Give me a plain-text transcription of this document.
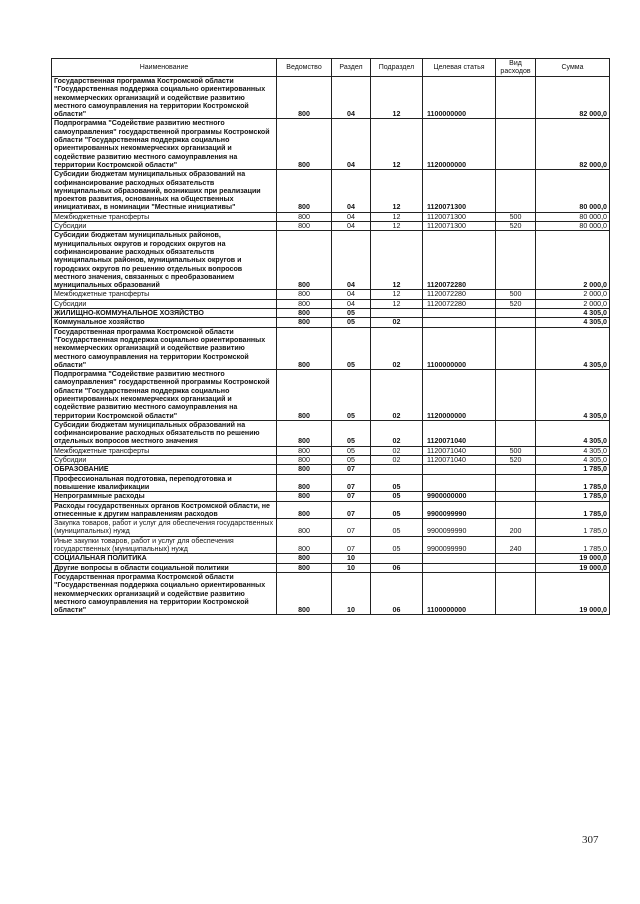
Наименование	Ведомство	Раздел	Подраздел	Целевая статья	Вид расходов	Сумма
Государственная программа Костромской области "Государственная поддержка социально ориентированных некоммерческих организаций и содействие развитию местного самоуправления на территории Костромской области"	800	04	12	1100000000		82 000,0
Подпрограмма "Содействие развитию местного самоуправления" государственной программы Костромской области "Государственная поддержка социально ориентированных некоммерческих организаций и содействие развитию местного самоуправления на территории Костромской области"	800	04	12	1120000000		82 000,0
Субсидии бюджетам муниципальных образований на софинансирование расходных обязательств муниципальных образований, возникших при реализации проектов развития, основанных на общественных инициативах, в номинации "Местные инициативы"	800	04	12	1120071300		80 000,0
Межбюджетные трансферты	800	04	12	1120071300	500	80 000,0
Субсидии	800	04	12	1120071300	520	80 000,0
Субсидии бюджетам муниципальных районов, муниципальных округов и городских округов на софинансирование расходных обязательств муниципальных районов, муниципальных округов и городских округов по решению отдельных вопросов местного значения, связанных с преобразованием муниципальных образований	800	04	12	1120072280		2 000,0
Межбюджетные трансферты	800	04	12	1120072280	500	2 000,0
Субсидии	800	04	12	1120072280	520	2 000,0
ЖИЛИЩНО-КОММУНАЛЬНОЕ ХОЗЯЙСТВО	800	05				4 305,0
Коммунальное хозяйство	800	05	02			4 305,0
Государственная программа Костромской области "Государственная поддержка социально ориентированных некоммерческих организаций и содействие развитию местного самоуправления на территории Костромской области"	800	05	02	1100000000		4 305,0
Подпрограмма "Содействие развитию местного самоуправления" государственной программы Костромской области "Государственная поддержка социально ориентированных некоммерческих организаций и содействие развитию местного самоуправления на территории Костромской области"	800	05	02	1120000000		4 305,0
Субсидии бюджетам муниципальных образований на софинансирование расходных обязательств по решению отдельных вопросов местного значения	800	05	02	1120071040		4 305,0
Межбюджетные трансферты	800	05	02	1120071040	500	4 305,0
Субсидии	800	05	02	1120071040	520	4 305,0
ОБРАЗОВАНИЕ	800	07				1 785,0
Профессиональная подготовка, переподготовка и повышение квалификации	800	07	05			1 785,0
Непрограммные расходы	800	07	05	9900000000		1 785,0
Расходы государственных органов Костромской области, не отнесенные к другим направлениям расходов	800	07	05	9900099990		1 785,0
Закупка товаров, работ и услуг для обеспечения государственных (муниципальных) нужд	800	07	05	9900099990	200	1 785,0
Иные закупки товаров, работ и услуг для обеспечения государственных (муниципальных) нужд	800	07	05	9900099990	240	1 785,0
СОЦИАЛЬНАЯ ПОЛИТИКА	800	10				19 000,0
Другие вопросы в области социальной политики	800	10	06			19 000,0
Государственная программа Костромской области "Государственная поддержка социально ориентированных некоммерческих организаций и содействие развитию местного самоуправления на территории Костромской области"	800	10	06	1100000000		19 000,0
307
